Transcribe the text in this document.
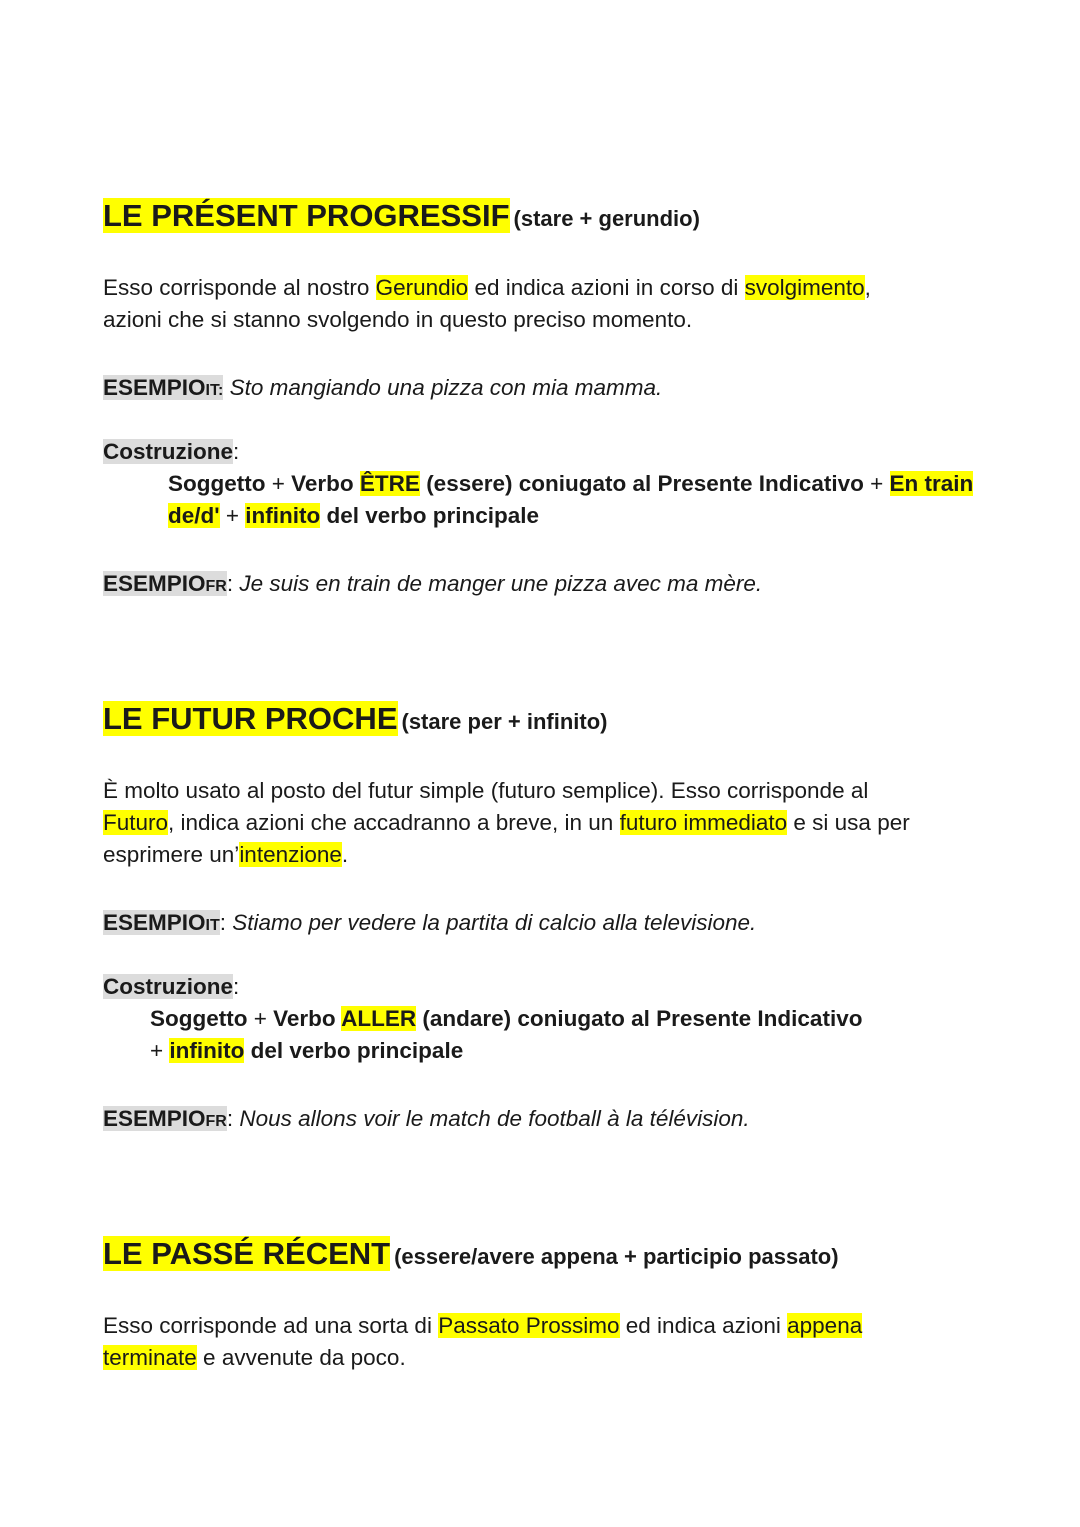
LE PRÉSENT PROGRESSIF (stare + gerundio)

Esso corrisponde al nostro Gerundio ed indica azioni in corso di svolgimento,

azioni che si stanno svolgendo in questo preciso momento.

ESEMPIOIT: Sto mangiando una pizza con mia mamma.

Costruzione:

Soggetto + Verbo ÊTRE (essere) coniugato al Presente Indicativo + En train

de/d' + infinito del verbo principale

ESEMPIOFR: Je suis en train de manger une pizza avec ma mère.

LE FUTUR PROCHE (stare per + infinito)

È molto usato al posto del futur simple (futuro semplice). Esso corrisponde al

Futuro, indica azioni che accadranno a breve, in un futuro immediato e si usa per

esprimere un’intenzione.

ESEMPIOIT: Stiamo per vedere la partita di calcio alla televisione.

Costruzione:

Soggetto + Verbo ALLER (andare) coniugato al Presente Indicativo

+ infinito del verbo principale

ESEMPIOFR: Nous allons voir le match de football à la télévision.

LE PASSÉ RÉCENT (essere/avere appena + participio passato)

Esso corrisponde ad una sorta di Passato Prossimo ed indica azioni appena

terminate e avvenute da poco.
